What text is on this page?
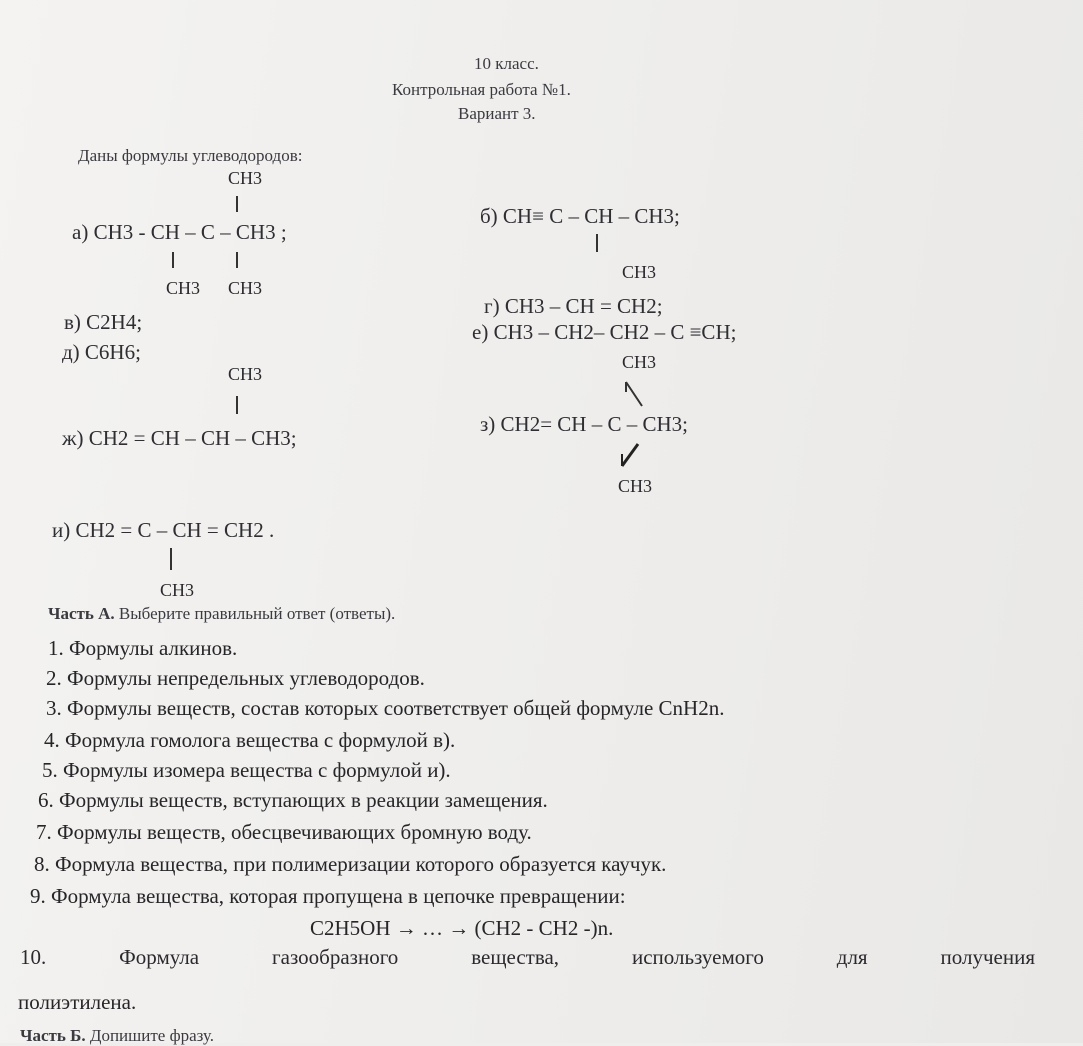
10 класс.
Контрольная работа №1.
Вариант 3.
Даны формулы углеводородов:
CH3
а) CH3 - CH – C – CH3 ;
CH3 CH3
б) CH≡ C – CH – CH3;
CH3
в) C2H4;
г) CH3 – CH = CH2;
д) C6H6;
е) CH3 – CH2– CH2 – C ≡CH;
CH3
ж) CH2 = CH – CH – CH3;
CH3
з) CH2= CH – C – CH3;
CH3
и) CH2 = C – CH = CH2 .
CH3
Часть А. Выберите правильный ответ (ответы).
1. Формулы алкинов.
2. Формулы непредельных углеводородов.
3. Формулы веществ, состав которых соответствует общей формуле CnH2n.
4. Формула гомолога вещества с формулой в).
5. Формулы изомера вещества с формулой и).
6. Формулы веществ, вступающих в реакции замещения.
7. Формулы веществ, обесцвечивающих бромную воду.
8. Формула вещества, при полимеризации которого образуется каучук.
9. Формула вещества, которая пропущена в цепочке превращении:
C2H5OH → … → (CH2 - CH2 -)n.
10.	Формула	газообразного	вещества,	используемого	для	получения
полиэтилена.
Часть Б. Допишите фразу.
